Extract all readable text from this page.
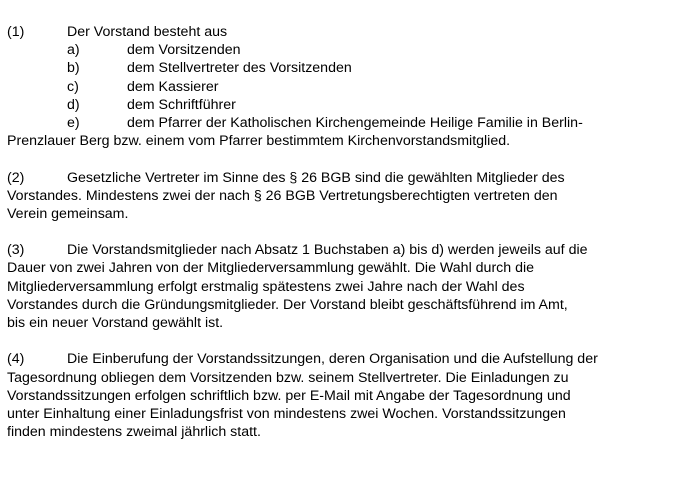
(1)	Der Vorstand besteht aus
a)	dem Vorsitzenden
b)	dem Stellvertreter des Vorsitzenden
c)	dem Kassierer
d)	dem Schriftführer
e)	dem Pfarrer der Katholischen Kirchengemeinde Heilige Familie in Berlin-
Prenzlauer Berg bzw. einem vom Pfarrer bestimmtem Kirchenvorstandsmitglied.
(2)	Gesetzliche Vertreter im Sinne des § 26 BGB sind die gewählten Mitglieder des
Vorstandes. Mindestens zwei der nach § 26 BGB Vertretungsberechtigten vertreten den
Verein gemeinsam.
(3)	Die Vorstandsmitglieder nach Absatz 1 Buchstaben a) bis d) werden jeweils auf die
Dauer von zwei Jahren von der Mitgliederversammlung gewählt. Die Wahl durch die
Mitgliederversammlung erfolgt erstmalig spätestens zwei Jahre nach der Wahl des
Vorstandes durch die Gründungsmitglieder. Der Vorstand bleibt geschäftsführend im Amt,
bis ein neuer Vorstand gewählt ist.
(4)	Die Einberufung der Vorstandssitzungen, deren Organisation und die Aufstellung der
Tagesordnung obliegen dem Vorsitzenden bzw. seinem Stellvertreter. Die Einladungen zu
Vorstandssitzungen erfolgen schriftlich bzw. per E-Mail mit Angabe der Tagesordnung und
unter Einhaltung einer Einladungsfrist von mindestens zwei Wochen. Vorstandssitzungen
finden mindestens zweimal jährlich statt.
